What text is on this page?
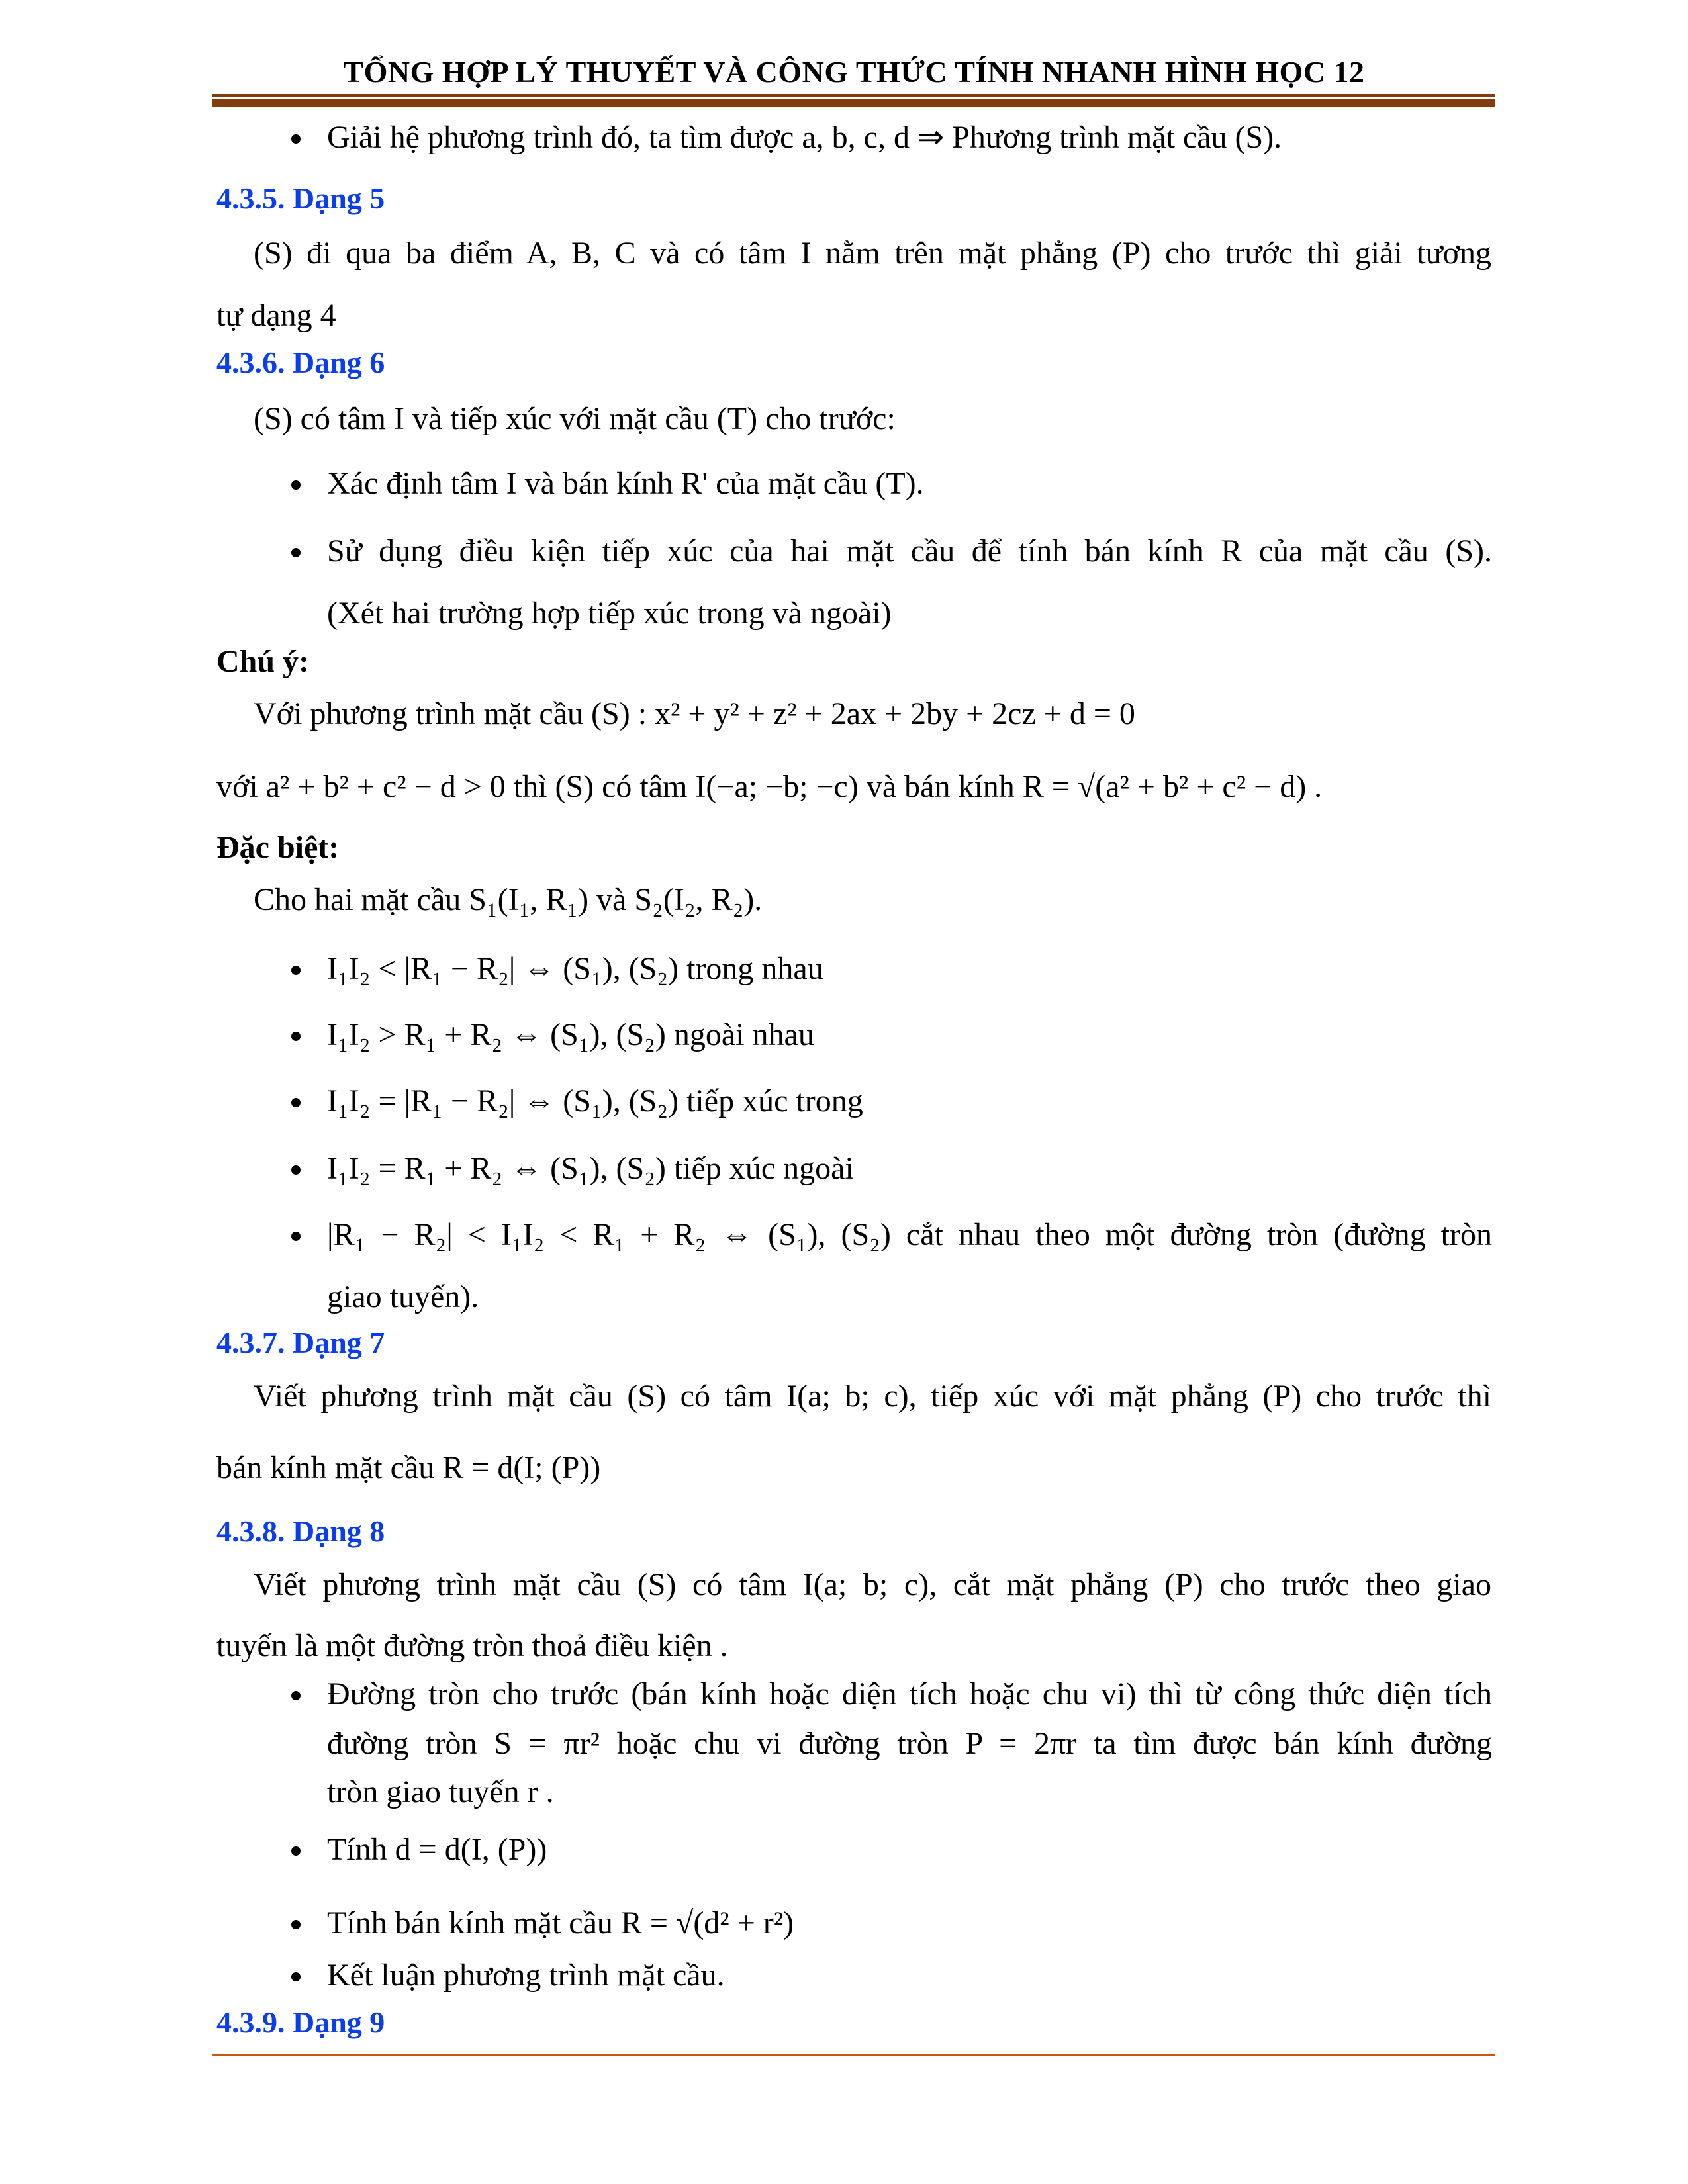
TỔNG HỢP LÝ THUYẾT VÀ CÔNG THỨC TÍNH NHANH HÌNH HỌC 12
Giải hệ phương trình đó, ta tìm được a, b, c, d ⇒ Phương trình mặt cầu (S).
4.3.5. Dạng 5
(S) đi qua ba điểm A, B, C và có tâm I nằm trên mặt phẳng (P) cho trước thì giải tương
tự dạng 4
4.3.6. Dạng 6
(S) có tâm I và tiếp xúc với mặt cầu (T) cho trước:
Xác định tâm I và bán kính R' của mặt cầu (T).
Sử dụng điều kiện tiếp xúc của hai mặt cầu để tính bán kính R của mặt cầu (S).
(Xét hai trường hợp tiếp xúc trong và ngoài)
Chú ý:
Với phương trình mặt cầu (S) : x² + y² + z² + 2ax + 2by + 2cz + d = 0
với a² + b² + c² − d > 0 thì (S) có tâm I(−a; −b; −c) và bán kính R = √(a² + b² + c² − d) .
Đặc biệt:
Cho hai mặt cầu S₁(I₁, R₁) và S₂(I₂, R₂).
I₁I₂ < |R₁ − R₂| ⇔ (S₁), (S₂) trong nhau
I₁I₂ > R₁ + R₂ ⇔ (S₁), (S₂) ngoài nhau
I₁I₂ = |R₁ − R₂| ⇔ (S₁), (S₂) tiếp xúc trong
I₁I₂ = R₁ + R₂ ⇔ (S₁), (S₂) tiếp xúc ngoài
|R₁ − R₂| < I₁I₂ < R₁ + R₂ ⇔ (S₁), (S₂) cắt nhau theo một đường tròn (đường tròn
giao tuyến).
4.3.7. Dạng 7
Viết phương trình mặt cầu (S) có tâm I(a; b; c), tiếp xúc với mặt phẳng (P) cho trước thì
bán kính mặt cầu R = d(I; (P))
4.3.8. Dạng 8
Viết phương trình mặt cầu (S) có tâm I(a; b; c), cắt mặt phẳng (P) cho trước theo giao
tuyến là một đường tròn thoả điều kiện .
Đường tròn cho trước (bán kính hoặc diện tích hoặc chu vi) thì từ công thức diện tích
đường tròn S = πr² hoặc chu vi đường tròn P = 2πr ta tìm được bán kính đường
tròn giao tuyến r .
Tính d = d(I, (P))
Tính bán kính mặt cầu R = √(d² + r²)
Kết luận phương trình mặt cầu.
4.3.9. Dạng 9
